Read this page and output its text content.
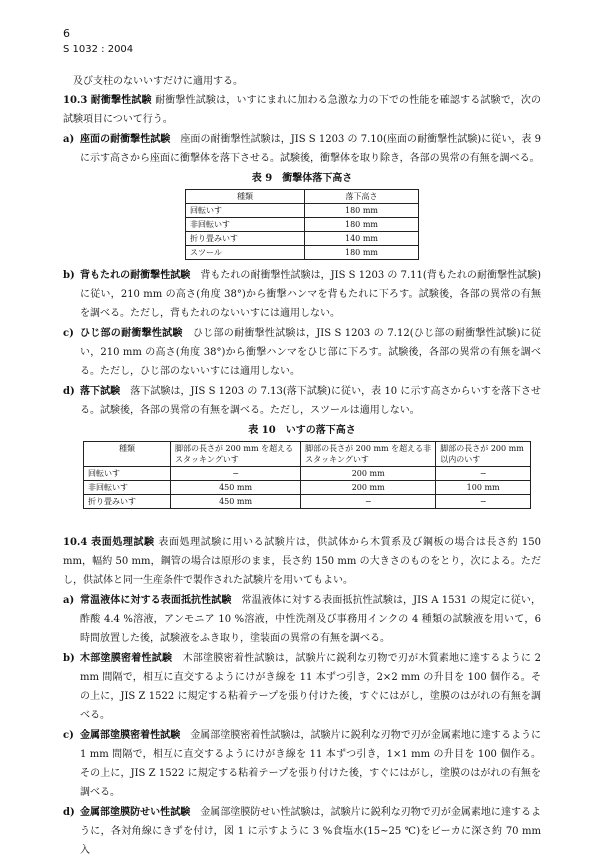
6
S 1032 : 2004

及び支柱のないいすだけに適用する。

10.3 耐衝撃性試験 耐衝撃性試験は，いすにまれに加わる急激な力の下での性能を確認する試験で，次の試験項目について行う。

a) 座面の耐衝撃性試験　 座面の耐衝撃性試験は，JIS S 1203 の 7.10(座面の耐衝撃性試験)に従い，表 9 に示す高さから座面に衝撃体を落下させる。試験後，衝撃体を取り除き，各部の異常の有無を調べる。

表 9　衝撃体落下高さ
種類	落下高さ
回転いす	180 mm
非回転いす	180 mm
折り畳みいす	140 mm
スツール	180 mm
b) 背もたれの耐衝撃性試験　 背もたれの耐衝撃性試験は，JIS S 1203 の 7.11(背もたれの耐衝撃性試験)に従い，210 mm の高さ(角度 38°)から衝撃ハンマを背もたれに下ろす。試験後，各部の異常の有無を調べる。ただし，背もたれのないいすには適用しない。

c) ひじ部の耐衝撃性試験　 ひじ部の耐衝撃性試験は，JIS S 1203 の 7.12(ひじ部の耐衝撃性試験)に従い，210 mm の高さ(角度 38°)から衝撃ハンマをひじ部に下ろす。試験後，各部の異常の有無を調べる。ただし，ひじ部のないいすには適用しない。

d) 落下試験　 落下試験は，JIS S 1203 の 7.13(落下試験)に従い，表 10 に示す高さからいすを落下させる。試験後，各部の異常の有無を調べる。ただし，スツールは適用しない。

表 10　いすの落下高さ
種類	脚部の長さが 200 mm を超えるスタッキングいす	脚部の長さが 200 mm を超える非スタッキングいす	脚部の長さが 200 mm 以内のいす
回転いす	−	200 mm	−
非回転いす	450 mm	200 mm	100 mm
折り畳みいす	450 mm	−	−

10.4 表面処理試験 表面処理試験に用いる試験片は，供試体から木質系及び鋼板の場合は長さ約 150 mm，幅約 50 mm，鋼管の場合は原形のまま，長さ約 150 mm の大きさのものをとり，次による。ただし，供試体と同一生産条件で製作された試験片を用いてもよい。

a) 常温液体に対する表面抵抗性試験　 常温液体に対する表面抵抗性試験は，JIS A 1531 の規定に従い，酢酸 4.4 %溶液，アンモニア 10 %溶液，中性洗剤及び事務用インクの 4 種類の試験液を用いて，6 時間放置した後，試験液をふき取り，塗装面の異常の有無を調べる。

b) 木部塗膜密着性試験　 木部塗膜密着性試験は，試験片に鋭利な刃物で刃が木質素地に達するように 2 mm 間隔で，相互に直交するようにけがき線を 11 本ずつ引き，2×2 mm の升目を 100 個作る。その上に，JIS Z 1522 に規定する粘着テープを張り付けた後，すぐにはがし，塗膜のはがれの有無を調べる。

c) 金属部塗膜密着性試験　 金属部塗膜密着性試験は，試験片に鋭利な刃物で刃が金属素地に達するように 1 mm 間隔で，相互に直交するようにけがき線を 11 本ずつ引き，1×1 mm の升目を 100 個作る。その上に，JIS Z 1522 に規定する粘着テープを張り付けた後，すぐにはがし，塗膜のはがれの有無を調べる。

d) 金属部塗膜防せい性試験　 金属部塗膜防せい性試験は，試験片に鋭利な刃物で刃が金属素地に達するように，各対角線にきずを付け，図 1 に示すように 3 %食塩水(15~25 ℃)をビーカに深さ約 70 mm 入
